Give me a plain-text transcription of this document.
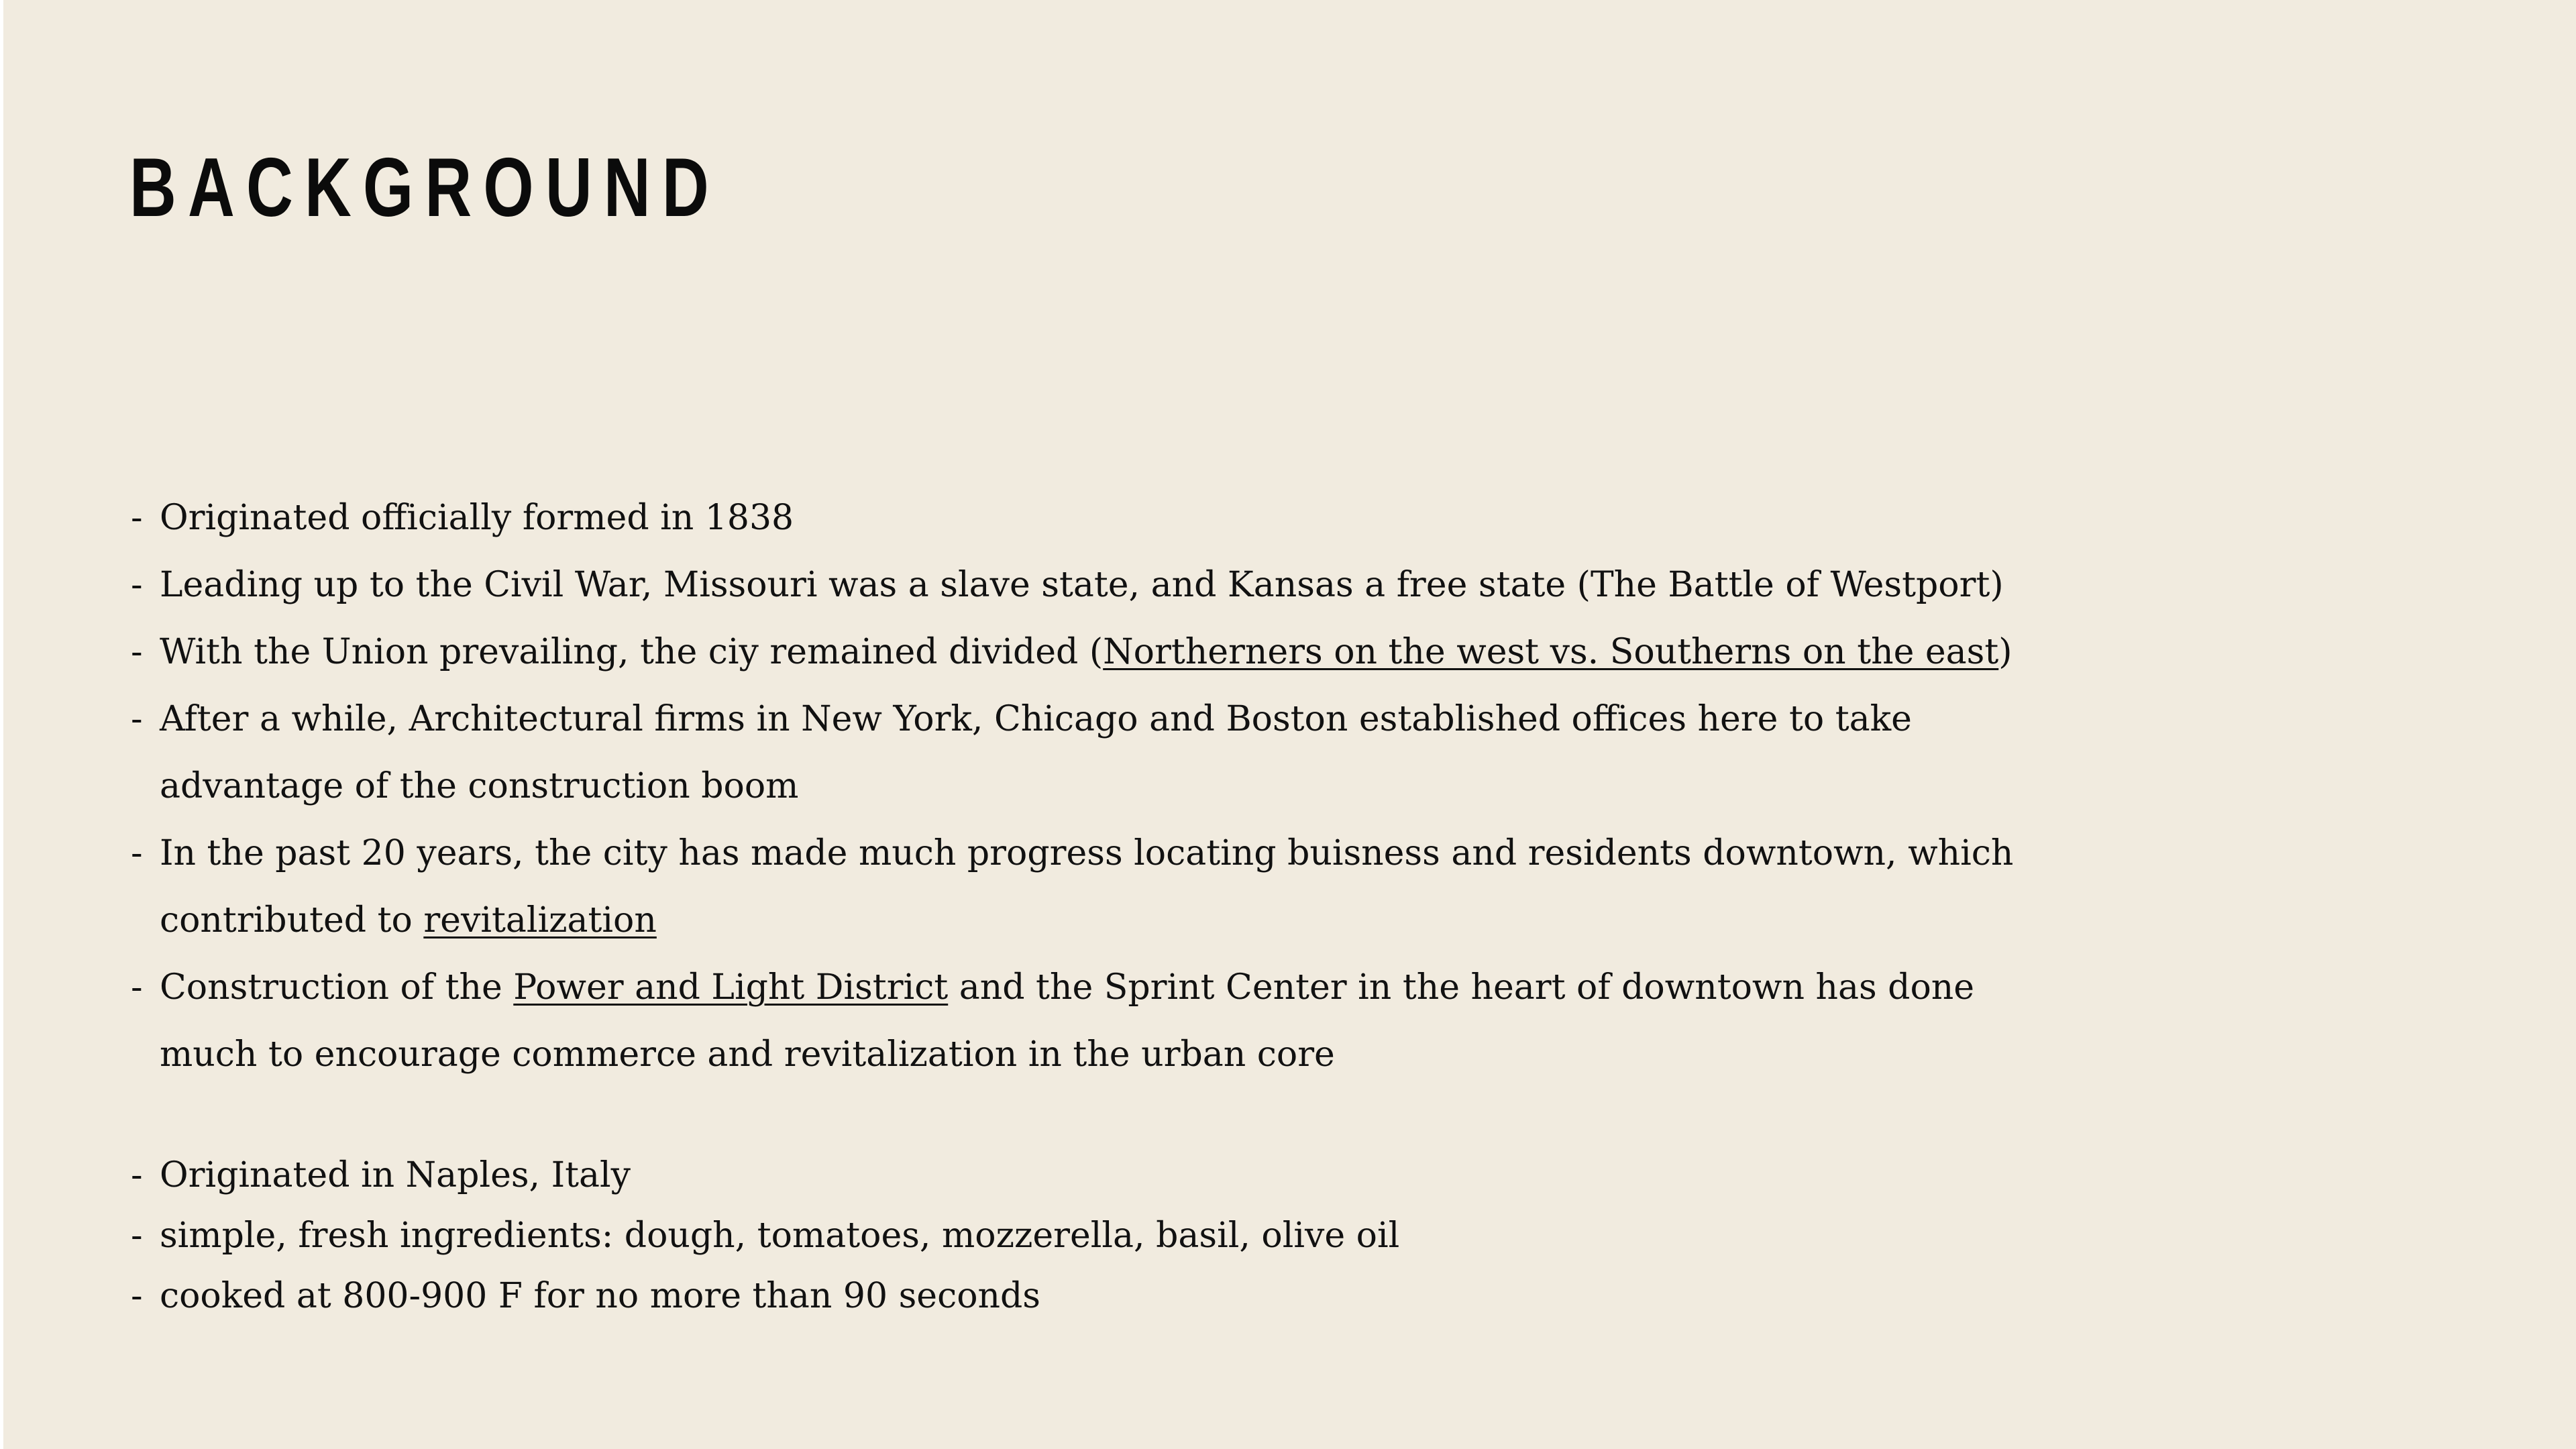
BACKGROUND
- Originated officially formed in 1838
- Leading up to the Civil War, Missouri was a slave state, and Kansas a free state (The Battle of Westport)
- With the Union prevailing, the ciy remained divided (Northerners on the west vs. Southerns on the east)
- After a while, Architectural firms in New York, Chicago and Boston established offices here to take
advantage of the construction boom
- In the past 20 years, the city has made much progress locating buisness and residents downtown, which
contributed to revitalization
- Construction of the Power and Light District and the Sprint Center in the heart of downtown has done
much to encourage commerce and revitalization in the urban core
- Originated in Naples, Italy
- simple, fresh ingredients: dough, tomatoes, mozzerella, basil, olive oil
- cooked at 800-900 F for no more than 90 seconds
